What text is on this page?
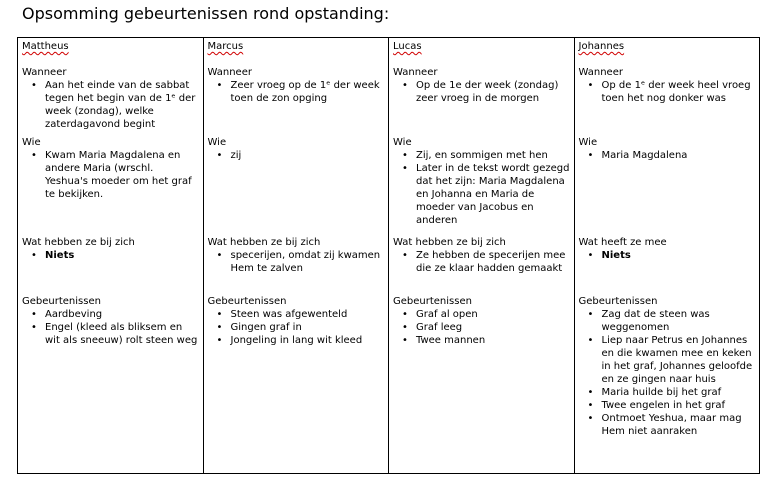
Opsomming gebeurtenissen rond opstanding:
Mattheus
Wanneer
• Aan het einde van de sabbat tegen het begin van de 1ᵉ der week (zondag), welke zaterdagavond begint
Wie
• Kwam Maria Magdalena en andere Maria (wrschl. Yeshua's moeder om het graf te bekijken.
Wat hebben ze bij zich
• Niets
Gebeurtenissen
• Aardbeving
• Engel (kleed als bliksem en wit als sneeuw) rolt steen weg

Marcus
Wanneer
• Zeer vroeg op de 1ᵉ der week toen de zon opging
Wie
• zij
Wat hebben ze bij zich
• specerijen, omdat zij kwamen Hem te zalven
Gebeurtenissen
• Steen was afgewenteld
• Gingen graf in
• Jongeling in lang wit kleed

Lucas
Wanneer
• Op de 1e der week (zondag) zeer vroeg in de morgen
Wie
• Zij, en sommigen met hen
• Later in de tekst wordt gezegd dat het zijn: Maria Magdalena en Johanna en Maria de moeder van Jacobus en anderen
Wat hebben ze bij zich
• Ze hebben de specerijen mee die ze klaar hadden gemaakt
Gebeurtenissen
• Graf al open
• Graf leeg
• Twee mannen

Johannes
Wanneer
• Op de 1ᵉ der week heel vroeg toen het nog donker was
Wie
• Maria Magdalena
Wat heeft ze mee
• Niets
Gebeurtenissen
• Zag dat de steen was weggenomen
• Liep naar Petrus en Johannes en die kwamen mee en keken in het graf, Johannes geloofde en ze gingen naar huis
• Maria huilde bij het graf
• Twee engelen in het graf
• Ontmoet Yeshua, maar mag Hem niet aanraken
